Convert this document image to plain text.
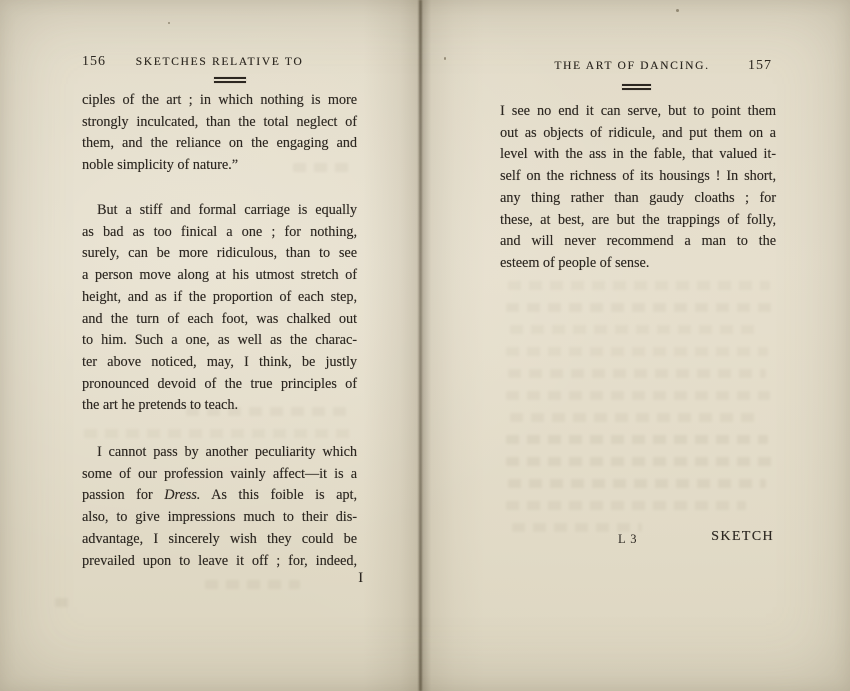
156	SKETCHES RELATIVE TO
ciples of the art ; in which nothing is more
strongly inculcated, than the total neglect of
them, and the reliance on the engaging and
noble simplicity of nature.”
But a stiff and formal carriage is equally
as bad as too finical a one ; for nothing,
surely, can be more ridiculous, than to see
a person move along at his utmost stretch of
height, and as if the proportion of each step,
and the turn of each foot, was chalked out
to him. Such a one, as well as the charac-
ter above noticed, may, I think, be justly
pronounced devoid of the true principles of
the art he pretends to teach.
I cannot pass by another peculiarity which
some of our profession vainly affect—it is a
passion for Dress. As this foible is apt,
also, to give impressions much to their dis-
advantage, I sincerely wish they could be
prevailed upon to leave it off ; for, indeed,
I
157
THE ART OF DANCING.
I see no end it can serve, but to point them
out as objects of ridicule, and put them on a
level with the ass in the fable, that valued it-
self on the richness of its housings ! In short,
any thing rather than gaudy cloaths ; for
these, at best, are but the trappings of folly,
and will never recommend a man to the
esteem of people of sense.
L 3	SKETCH
